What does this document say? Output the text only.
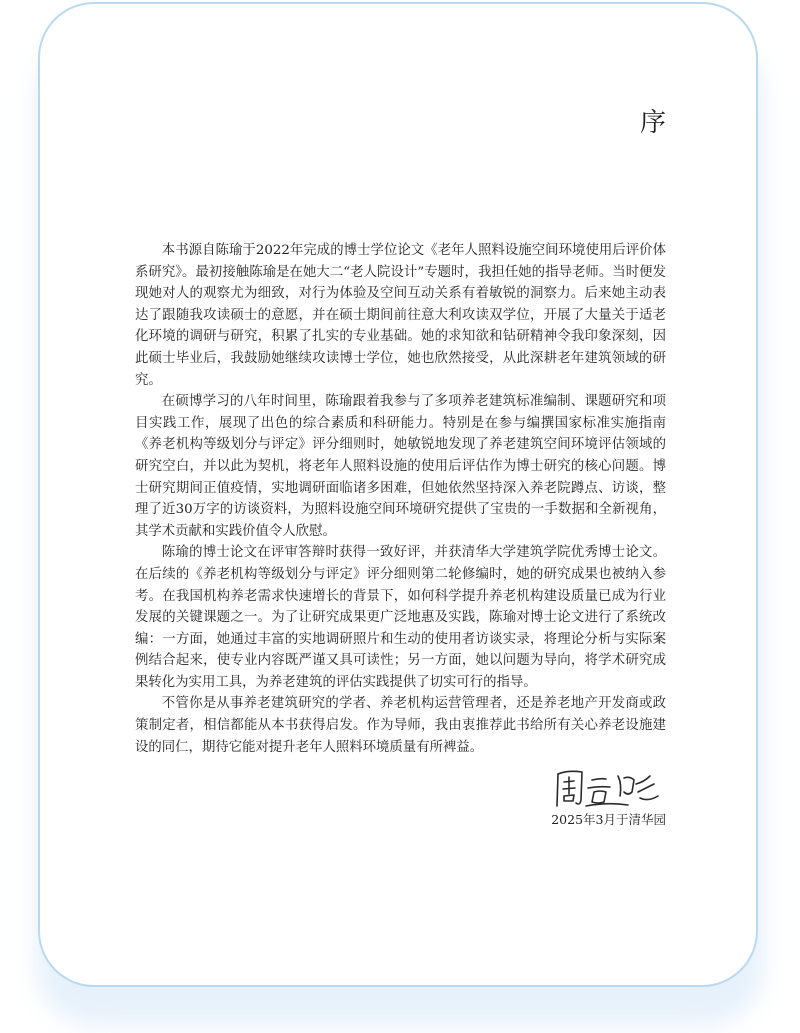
序

本书源自陈瑜于2022年完成的博士学位论文《老年人照料设施空间环境使用后评价体系研究》。最初接触陈瑜是在她大二“老人院设计”专题时，我担任她的指导老师。当时便发现她对人的观察尤为细致，对行为体验及空间互动关系有着敏锐的洞察力。后来她主动表达了跟随我攻读硕士的意愿，并在硕士期间前往意大利攻读双学位，开展了大量关于适老化环境的调研与研究，积累了扎实的专业基础。她的求知欲和钻研精神令我印象深刻，因此硕士毕业后，我鼓励她继续攻读博士学位，她也欣然接受，从此深耕老年建筑领域的研究。

在硕博学习的八年时间里，陈瑜跟着我参与了多项养老建筑标准编制、课题研究和项目实践工作，展现了出色的综合素质和科研能力。特别是在参与编撰国家标准实施指南《养老机构等级划分与评定》评分细则时，她敏锐地发现了养老建筑空间环境评估领域的研究空白，并以此为契机，将老年人照料设施的使用后评估作为博士研究的核心问题。博士研究期间正值疫情，实地调研面临诸多困难，但她依然坚持深入养老院蹲点、访谈，整理了近30万字的访谈资料，为照料设施空间环境研究提供了宝贵的一手数据和全新视角，其学术贡献和实践价值令人欣慰。

陈瑜的博士论文在评审答辩时获得一致好评，并获清华大学建筑学院优秀博士论文。在后续的《养老机构等级划分与评定》评分细则第二轮修编时，她的研究成果也被纳入参考。在我国机构养老需求快速增长的背景下，如何科学提升养老机构建设质量已成为行业发展的关键课题之一。为了让研究成果更广泛地惠及实践，陈瑜对博士论文进行了系统改编：一方面，她通过丰富的实地调研照片和生动的使用者访谈实录，将理论分析与实际案例结合起来，使专业内容既严谨又具可读性；另一方面，她以问题为导向，将学术研究成果转化为实用工具，为养老建筑的评估实践提供了切实可行的指导。

不管你是从事养老建筑研究的学者、养老机构运营管理者，还是养老地产开发商或政策制定者，相信都能从本书获得启发。作为导师，我由衷推荐此书给所有关心养老设施建设的同仁，期待它能对提升老年人照料环境质量有所裨益。

2025年3月于清华园
